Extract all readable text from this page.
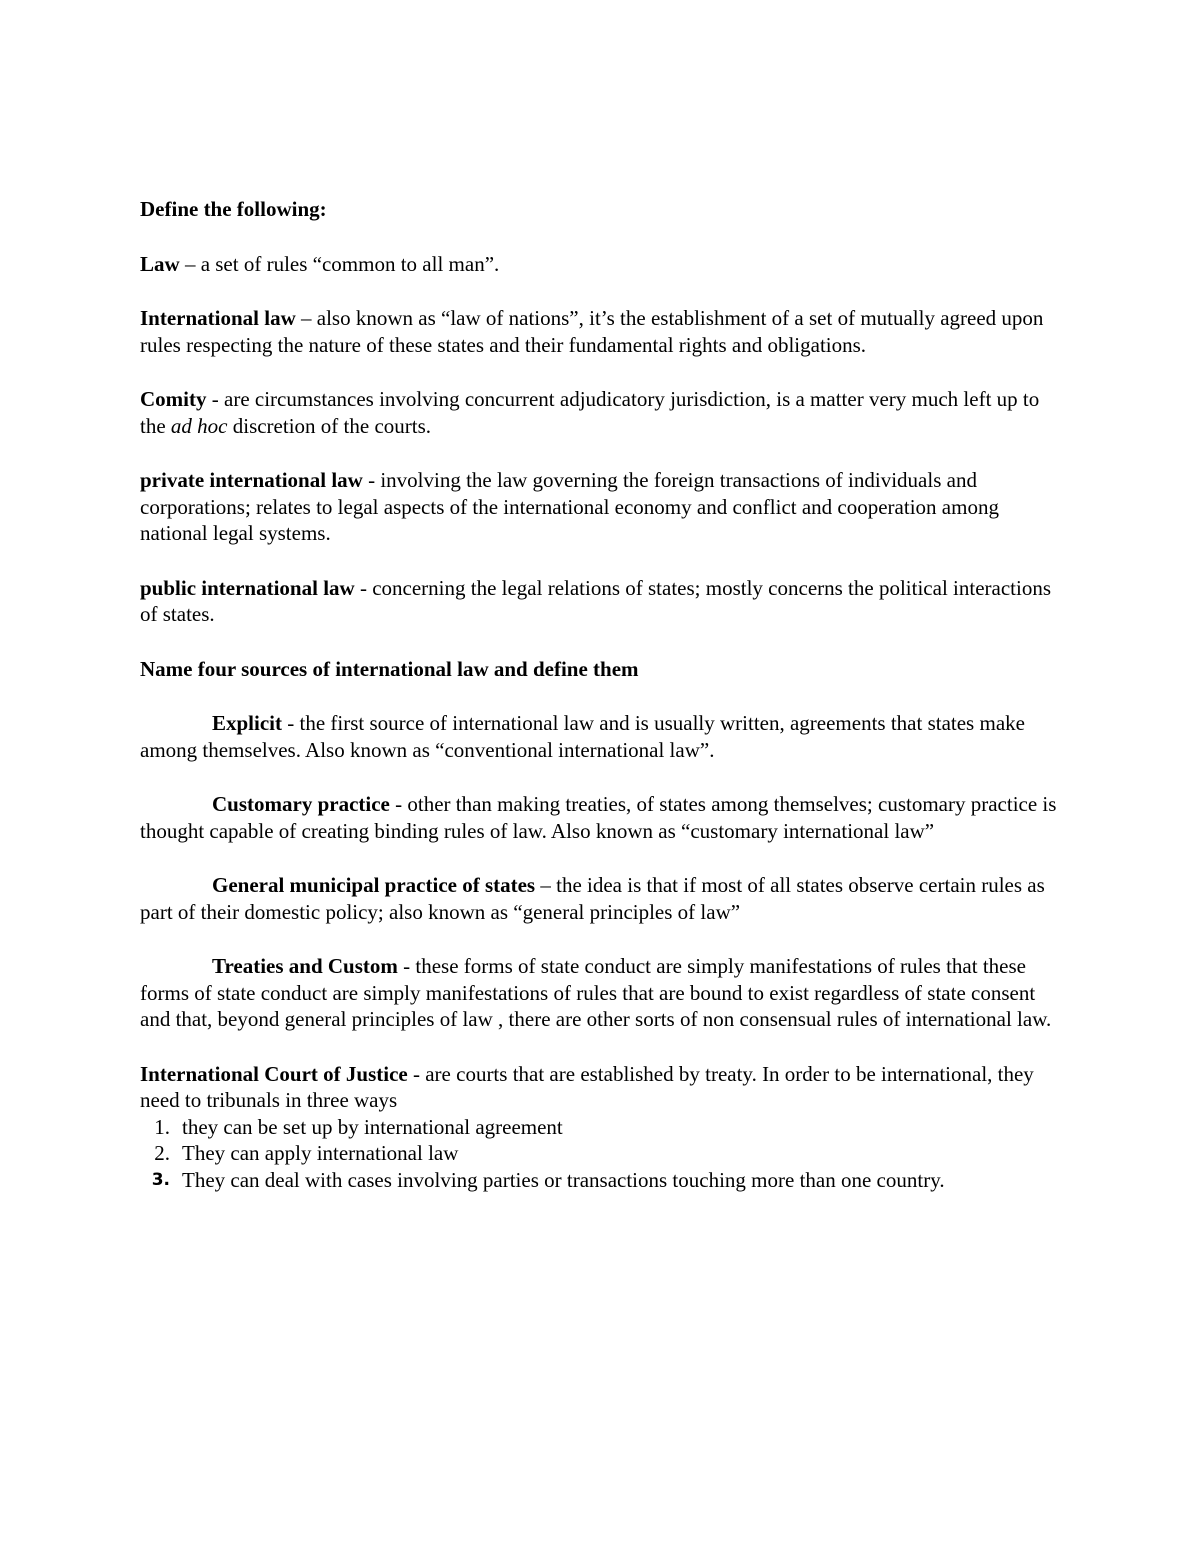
Define the following:

Law – a set of rules “common to all man”.

International law – also known as “law of nations”, it’s the establishment of a set of mutually agreed upon rules respecting the nature of these states and their fundamental rights and obligations.

Comity - are circumstances involving concurrent adjudicatory jurisdiction, is a matter very much left up to the ad hoc discretion of the courts.

private international law - involving the law governing the foreign transactions of individuals and corporations; relates to legal aspects of the international economy and conflict and cooperation among national legal systems.

public international law - concerning the legal relations of states; mostly concerns the political interactions of states.

Name four sources of international law and define them

Explicit - the first source of international law and is usually written, agreements that states make among themselves. Also known as “conventional international law”.

Customary practice - other than making treaties, of states among themselves; customary practice is thought capable of creating binding rules of law. Also known as “customary international law”

General municipal practice of states – the idea is that if most of all states observe certain rules as part of their domestic policy; also known as “general principles of law”

Treaties and Custom - these forms of state conduct are simply manifestations of rules that these forms of state conduct are simply manifestations of rules that are bound to exist regardless of state consent and that, beyond general principles of law , there are other sorts of non consensual rules of international law.

International Court of Justice - are courts that are established by treaty. In order to be international, they need to tribunals in three ways

1. they can be set up by international agreement
2. They can apply international law
3. They can deal with cases involving parties or transactions touching more than one country.
